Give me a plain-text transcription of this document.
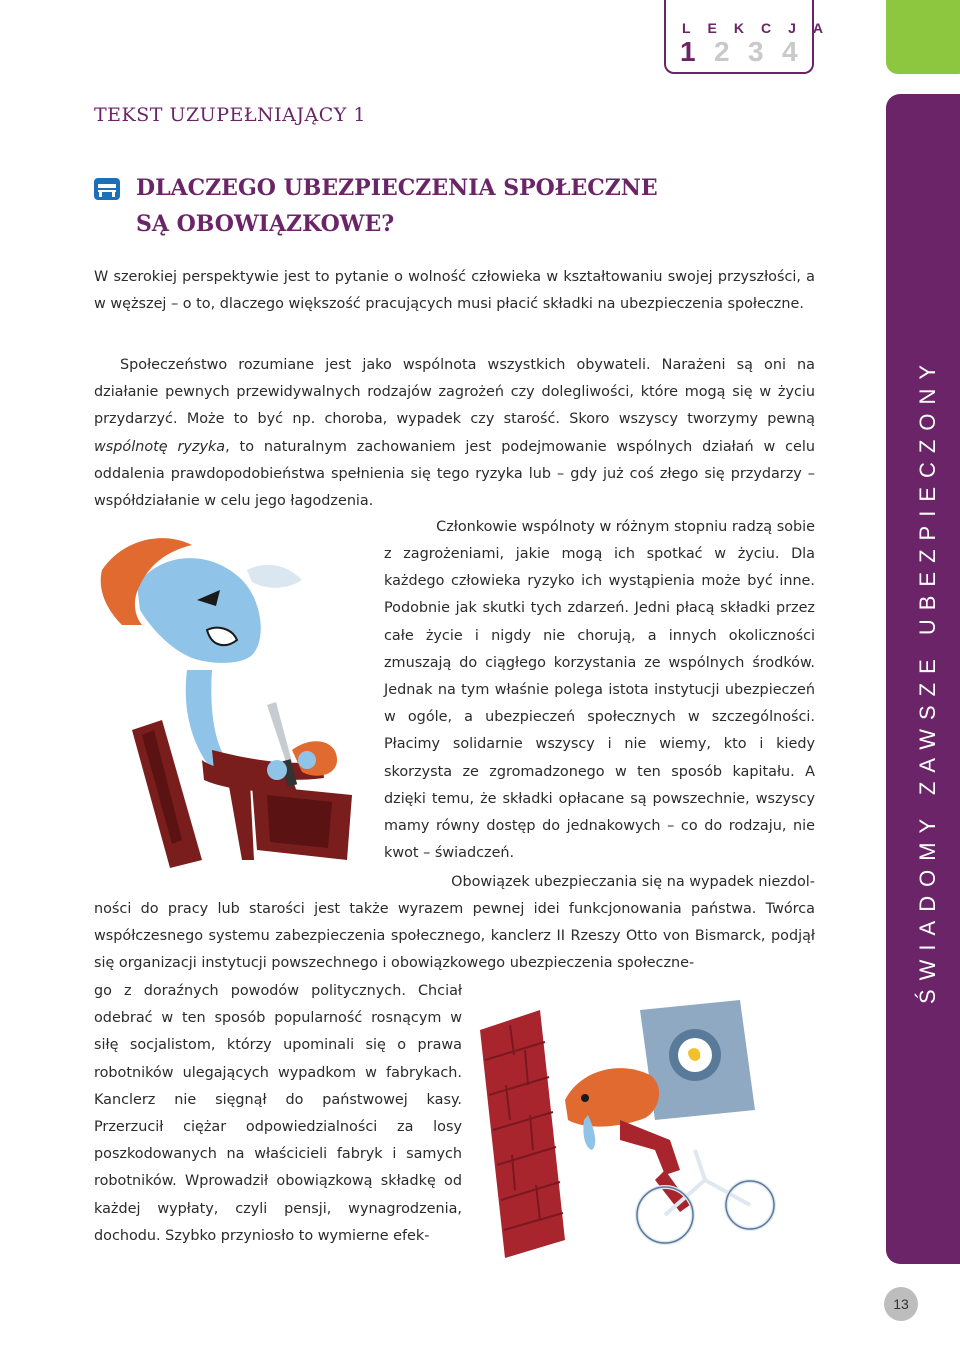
LEKCJA
1 2 3 4
ŚWIADOMY ZAWSZE UBEZPIECZONY
TEKST UZUPEŁNIAJĄCY 1
DLACZEGO UBEZPIECZENIA SPOŁECZNE
SĄ OBOWIĄZKOWE?

W szerokiej perspektywie jest to pytanie o wolność człowieka w kształtowaniu swojej przyszłości, a w węższej – o to, dlaczego większość pracujących musi płacić składki na ubezpieczenia społeczne.

Społeczeństwo rozumiane jest jako wspólnota wszystkich obywateli. Narażeni są oni na działanie pewnych przewidywalnych rodzajów zagrożeń czy dolegliwości, które mogą się w życiu przydarzyć. Może to być np. choroba, wypadek czy starość. Skoro wszyscy tworzymy pewną wspólnotę ryzyka, to naturalnym zachowaniem jest podejmowanie wspólnych działań w celu oddalenia prawdopodobieństwa spełnienia się tego ryzyka lub – gdy już coś złego się przydarzy – współdziałanie w celu jego łagodzenia.

Członkowie wspólnoty w różnym stopniu radzą sobie

z zagrożeniami, jakie mogą ich spotkać w życiu. Dla każdego człowieka ryzyko ich wystąpienia może być inne. Podobnie jak skutki tych zdarzeń. Jedni płacą składki przez całe życie i nigdy nie chorują, a innych okoliczności zmuszają do ciągłego korzystania ze wspólnych środków. Jednak na tym właśnie polega istota instytucji ubezpieczeń w ogóle, a ubezpieczeń społecznych w szczególności. Płacimy solidarnie wszyscy i nie wiemy, kto i kiedy skorzysta ze zgromadzonego w ten sposób kapitału. A dzięki temu, że składki opłacane są powszechnie, wszyscy mamy równy dostęp do jednakowych – co do rodzaju, nie kwot – świadczeń.

Obowiązek ubezpieczania się na wypadek niezdol-

ności do pracy lub starości jest także wyrazem pewnej idei funkcjonowania państwa. Twórca współczesnego systemu zabezpieczenia społecznego, kanclerz II Rzeszy Otto von Bismarck, podjął się organizacji instytucji powszechnego i obowiązkowego ubezpieczenia społeczne-

go z doraźnych powodów politycznych. Chciał odebrać w ten sposób popularność rosnącym w siłę socjalistom, którzy upominali się o prawa robotników ulegających wypadkom w fabrykach. Kanclerz nie sięgnął do państwowej kasy. Przerzucił ciężar odpowiedzialności za losy poszkodowanych na właścicieli fabryk i samych robotników. Wprowadził obowiązkową składkę od każdej wypłaty, czyli pensji, wynagrodzenia, dochodu. Szybko przyniosło to wymierne efek-

13
